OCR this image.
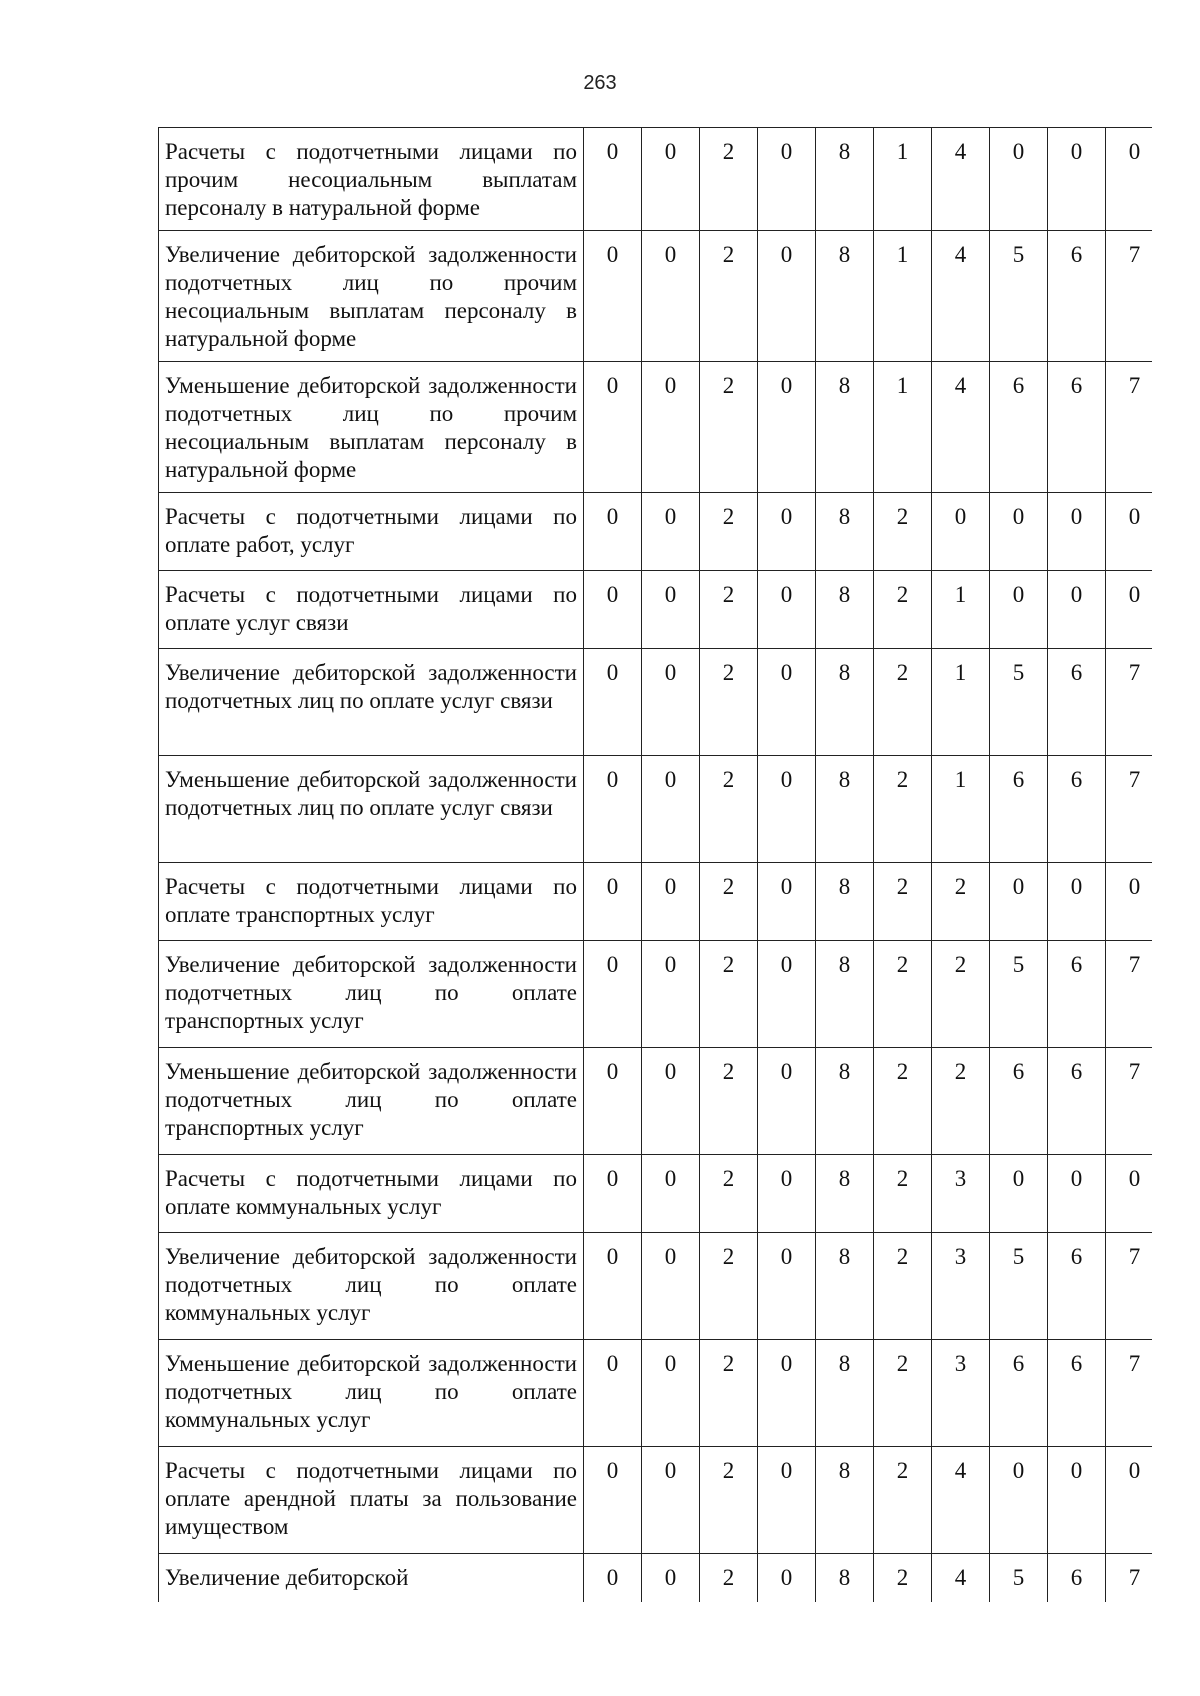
263
Расчеты с подотчетными лицами по прочим несоциальным выплатам персоналу в натуральной форме	0	0	2	0	8	1	4	0	0	0
Увеличение дебиторской задолженности подотчетных лиц по прочим несоциальным выплатам персоналу в натуральной форме	0	0	2	0	8	1	4	5	6	7
Уменьшение дебиторской задолженности подотчетных лиц по прочим несоциальным выплатам персоналу в натуральной форме	0	0	2	0	8	1	4	6	6	7
Расчеты с подотчетными лицами по оплате работ, услуг	0	0	2	0	8	2	0	0	0	0
Расчеты с подотчетными лицами по оплате услуг связи	0	0	2	0	8	2	1	0	0	0
Увеличение дебиторской задолженности подотчетных лиц по оплате услуг связи	0	0	2	0	8	2	1	5	6	7
Уменьшение дебиторской задолженности подотчетных лиц по оплате услуг связи	0	0	2	0	8	2	1	6	6	7
Расчеты с подотчетными лицами по оплате транспортных услуг	0	0	2	0	8	2	2	0	0	0
Увеличение дебиторской задолженности подотчетных лиц по оплате транспортных услуг	0	0	2	0	8	2	2	5	6	7
Уменьшение дебиторской задолженности подотчетных лиц по оплате транспортных услуг	0	0	2	0	8	2	2	6	6	7
Расчеты с подотчетными лицами по оплате коммунальных услуг	0	0	2	0	8	2	3	0	0	0
Увеличение дебиторской задолженности подотчетных лиц по оплате коммунальных услуг	0	0	2	0	8	2	3	5	6	7
Уменьшение дебиторской задолженности подотчетных лиц по оплате коммунальных услуг	0	0	2	0	8	2	3	6	6	7
Расчеты с подотчетными лицами по оплате арендной платы за пользование имуществом	0	0	2	0	8	2	4	0	0	0
Увеличение дебиторской	0	0	2	0	8	2	4	5	6	7
